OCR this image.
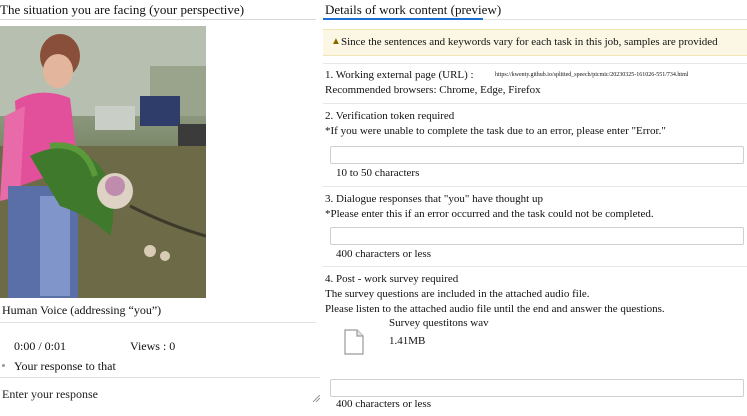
The situation you are facing (your perspective)
Human Voice (addressing “you”)
0:00 / 0:01	Views : 0
Your response to that
Enter your response
Details of work content (preview)
▲ Since the sentences and keywords vary for each task in this job, samples are provided
1. Working external page (URL) :	https://kwenty.github.io/splitted_speech/picmic/20230325-161026-551/734.html
Recommended browsers: Chrome, Edge, Firefox
2. Verification token required
*If you were unable to complete the task due to an error, please enter "Error."
10 to 50 characters
3. Dialogue responses that "you" have thought up
*Please enter this if an error occurred and the task could not be completed.
400 characters or less
4. Post - work survey required
The survey questions are included in the attached audio file.
Please listen to the attached audio file until the end and answer the questions.
Survey questitons wav
1.41MB
400 characters or less
